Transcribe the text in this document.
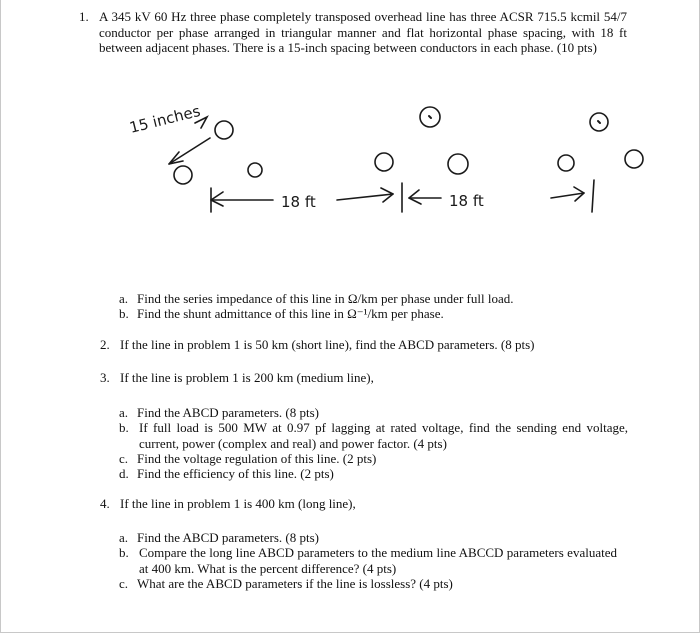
1. A 345 kV 60 Hz three phase completely transposed overhead line has three ACSR 715.5 kcmil 54/7 conductor per phase arranged in triangular manner and flat horizontal phase spacing, with 18 ft between adjacent phases. There is a 15-inch spacing between conductors in each phase. (10 pts)
15 inches
18 ft	18 ft
a. Find the series impedance of this line in Ω/km per phase under full load.
b. Find the shunt admittance of this line in Ω⁻¹/km per phase.
2. If the line in problem 1 is 50 km (short line), find the ABCD parameters. (8 pts)
3. If the line is problem 1 is 200 km (medium line),
a. Find the ABCD parameters. (8 pts)
b. If full load is 500 MW at 0.97 pf lagging at rated voltage, find the sending end voltage, current, power (complex and real) and power factor. (4 pts)
c. Find the voltage regulation of this line. (2 pts)
d. Find the efficiency of this line. (2 pts)
4. If the line in problem 1 is 400 km (long line),
a. Find the ABCD parameters. (8 pts)
b. Compare the long line ABCD parameters to the medium line ABCCD parameters evaluated at 400 km. What is the percent difference? (4 pts)
c. What are the ABCD parameters if the line is lossless? (4 pts)
